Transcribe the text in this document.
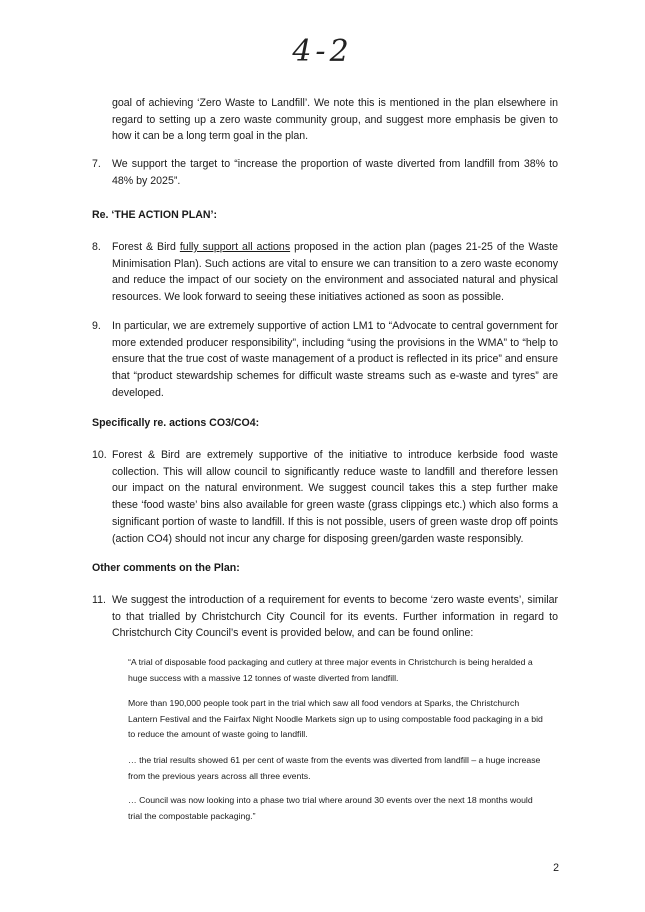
4-2
goal of achieving ‘Zero Waste to Landfill’. We note this is mentioned in the plan elsewhere in regard to setting up a zero waste community group, and suggest more emphasis be given to how it can be a long term goal in the plan.
7. We support the target to “increase the proportion of waste diverted from landfill from 38% to 48% by 2025”.
Re. ‘THE ACTION PLAN’:
8. Forest & Bird fully support all actions proposed in the action plan (pages 21-25 of the Waste Minimisation Plan). Such actions are vital to ensure we can transition to a zero waste economy and reduce the impact of our society on the environment and associated natural and physical resources. We look forward to seeing these initiatives actioned as soon as possible.
9. In particular, we are extremely supportive of action LM1 to “Advocate to central government for more extended producer responsibility”, including “using the provisions in the WMA” to “help to ensure that the true cost of waste management of a product is reflected in its price” and ensure that “product stewardship schemes for difficult waste streams such as e-waste and tyres” are developed.
Specifically re. actions CO3/CO4:
10. Forest & Bird are extremely supportive of the initiative to introduce kerbside food waste collection. This will allow council to significantly reduce waste to landfill and therefore lessen our impact on the natural environment. We suggest council takes this a step further make these ‘food waste’ bins also available for green waste (grass clippings etc.) which also forms a significant portion of waste to landfill. If this is not possible, users of green waste drop off points (action CO4) should not incur any charge for disposing green/garden waste responsibly.
Other comments on the Plan:
11. We suggest the introduction of a requirement for events to become ‘zero waste events’, similar to that trialled by Christchurch City Council for its events. Further information in regard to Christchurch City Council’s event is provided below, and can be found online:
“A trial of disposable food packaging and cutlery at three major events in Christchurch is being heralded a huge success with a massive 12 tonnes of waste diverted from landfill.
More than 190,000 people took part in the trial which saw all food vendors at Sparks, the Christchurch Lantern Festival and the Fairfax Night Noodle Markets sign up to using compostable food packaging in a bid to reduce the amount of waste going to landfill.
… the trial results showed 61 per cent of waste from the events was diverted from landfill – a huge increase from the previous years across all three events.
… Council was now looking into a phase two trial where around 30 events over the next 18 months would trial the compostable packaging.”
2
